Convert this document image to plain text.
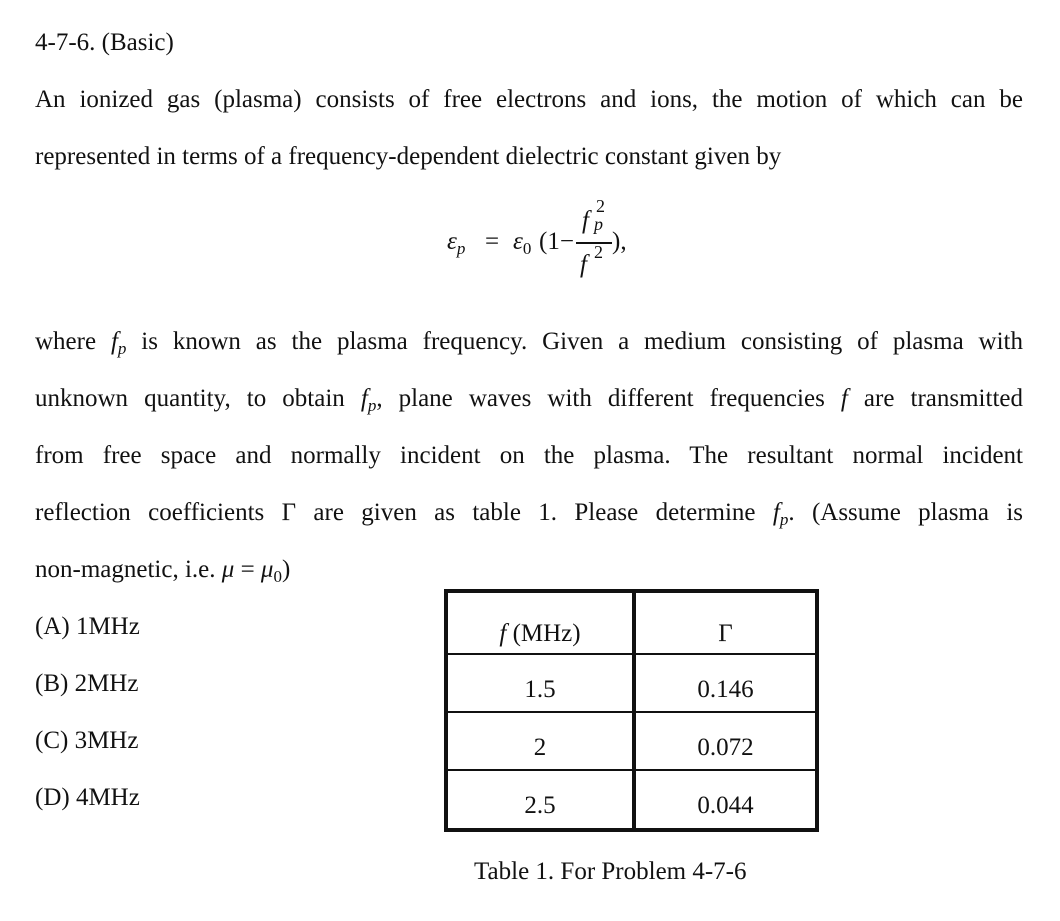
4-7-6. (Basic)
An ionized gas (plasma) consists of free electrons and ions, the motion of which can be
represented in terms of a frequency-dependent dielectric constant given by
$\varepsilon_p = \varepsilon_0$ (1−
f
2
p
f 2 ),
where $f_p$ is known as the plasma frequency. Given a medium consisting of plasma with
unknown quantity, to obtain $f_p$, plane waves with different frequencies f are transmitted
from free space and normally incident on the plasma. The resultant normal incident
reflection coefficients Γ are given as table 1. Please determine $f_p$. (Assume plasma is
non-magnetic, i.e. $\mu = \mu_0$)
(A) 1MHz
(B) 2MHz
(C) 3MHz
(D) 4MHz
f (MHz)	Γ
1.5	0.146
2	0.072
2.5	0.044
Table 1. For Problem 4-7-6
